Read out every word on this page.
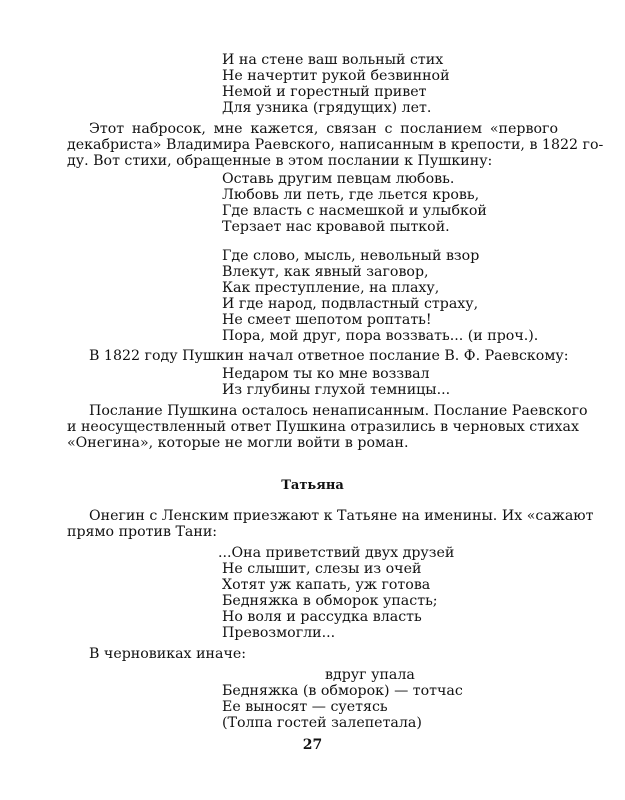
И на стене ваш вольный стих
Не начертит рукой безвинной
Немой и горестный привет
Для узника (грядущих) лет.
Этот набросок, мне кажется, связан с посланием «первого
декабриста» Владимира Раевского, написанным в крепости, в 1822 го-
ду. Вот стихи, обращенные в этом послании к Пушкину:
Оставь другим певцам любовь.
Любовь ли петь, где льется кровь,
Где власть с насмешкой и улыбкой
Терзает нас кровавой пыткой.
Где слово, мысль, невольный взор
Влекут, как явный заговор,
Как преступление, на плаху,
И где народ, подвластный страху,
Не смеет шепотом роптать!
Пора, мой друг, пора воззвать... (и проч.).
В 1822 году Пушкин начал ответное послание В. Ф. Раевскому:
Недаром ты ко мне воззвал
Из глубины глухой темницы...
Послание Пушкина осталось ненаписанным. Послание Раевского
и неосуществленный ответ Пушкина отразились в черновых стихах
«Онегина», которые не могли войти в роман.
Татьяна
Онегин с Ленским приезжают к Татьяне на именины. Их «сажают
прямо против Тани:
...Она приветствий двух друзей
Не слышит, слезы из очей
Хотят уж капать, уж готова
Бедняжка в обморок упасть;
Но воля и рассудка власть
Превозмогли...
В черновиках иначе:
вдруг упала
Бедняжка (в обморок) — тотчас
Ее выносят — суетясь
(Толпа гостей залепетала)
27
